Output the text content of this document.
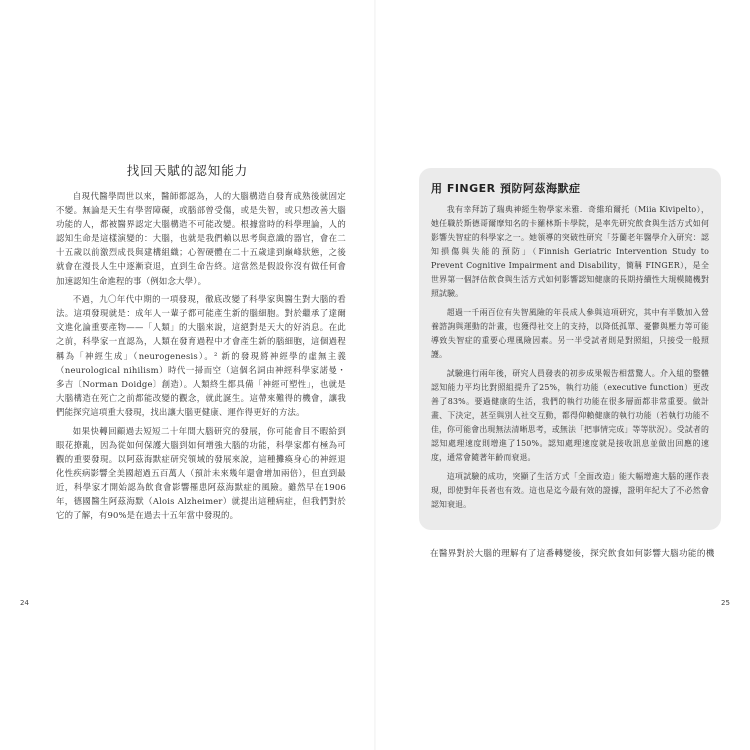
找回天賦的認知能力

自現代醫學問世以來，醫師都認為，人的大腦構造自發育成熟後就固定不變。無論是天生有學習障礙，或腦部曾受傷，或是失智，或只想改善大腦功能的人，都被醫界認定大腦構造不可能改變。根據當時的科學理論，人的認知生命是這樣演變的：大腦，也就是我們賴以思考與意識的器官，會在二十五歲以前激烈成長與建構組織；心智硬體在二十五歲達到巔峰狀態，之後就會在漫長人生中逐漸衰退，直到生命告終。這當然是假設你沒有做任何會加速認知生命進程的事（例如念大學）。

不過，九〇年代中期的一項發現，徹底改變了科學家與醫生對大腦的看法。這項發現就是：成年人一輩子都可能產生新的腦細胞。對於繼承了達爾文進化論重要產物——「人類」的大腦來說，這絕對是天大的好消息。在此之前，科學家一直認為，人類在發育過程中才會產生新的腦細胞，這個過程稱為「神經生成」（neurogenesis）。² 新的發現將神經學的虛無主義（neurological nihilism）時代一掃而空（這個名詞由神經科學家諾曼・多吉〔Norman Doidge〕創造）。人類終生都具備「神經可塑性」，也就是大腦構造在死亡之前都能改變的觀念，就此誕生。這帶來難得的機會，讓我們能探究這項重大發現，找出讓大腦更健康、運作得更好的方法。

如果快轉回顧過去短短二十年間大腦研究的發展，你可能會目不暇給到眼花撩亂，因為從如何保護大腦到如何增強大腦的功能，科學家都有極為可觀的重要發現。以阿茲海默症研究領域的發展來說，這種攤瘓身心的神經退化性疾病影響全美國超過五百萬人（預計未來幾年還會增加兩倍），但直到最近，科學家才開始認為飲食會影響罹患阿茲海默症的風險。雖然早在1906年，德國醫生阿茲海默（Alois Alzheimer）就提出這種病症，但我們對於它的了解，有90%是在過去十五年當中發現的。

24
用 FINGER 預防阿茲海默症

我有幸拜訪了瑞典神經生物學家米雅．奇維珀爾托（Miia Kivipelto），她任職於斯德哥爾摩知名的卡羅林斯卡學院，是率先研究飲食與生活方式如何影響失智症的科學家之一。她領導的突破性研究「芬蘭老年醫學介入研究：認知損傷與失能的預防」（Finnish Geriatric Intervention Study to Prevent Cognitive Impairment and Disability，簡稱 FINGER），是全世界第一個評估飲食與生活方式如何影響認知健康的長期持續性大規模隨機對照試驗。

超過一千兩百位有失智風險的年長成人參與這項研究，其中有半數加入營養諮詢與運動的計畫，也獲得社交上的支持，以降低孤單、憂鬱與壓力等可能導致失智症的重要心理風險因素。另一半受試者則是對照組，只接受一般照護。

試驗進行兩年後，研究人員發表的初步成果報告相當驚人。介入組的整體認知能力平均比對照組提升了25%，執行功能（executive function）更改善了83%。要過健康的生活，我們的執行功能在很多層面都非常重要。做計畫、下決定，甚至與別人社交互動，都得仰賴健康的執行功能（若執行功能不佳，你可能會出現無法清晰思考，或無法「把事情完成」等等狀況）。受試者的認知處理速度則增進了150%。認知處理速度就是接收訊息並做出回應的速度，通常會隨著年齡而衰退。

這項試驗的成功，突顯了生活方式「全面改造」能大幅增進大腦的運作表現，即使對年長者也有效。這也是迄今最有效的證據，證明年紀大了不必然會認知衰退。

在醫界對於大腦的理解有了這番轉變後，探究飲食如何影響大腦功能的機
25
